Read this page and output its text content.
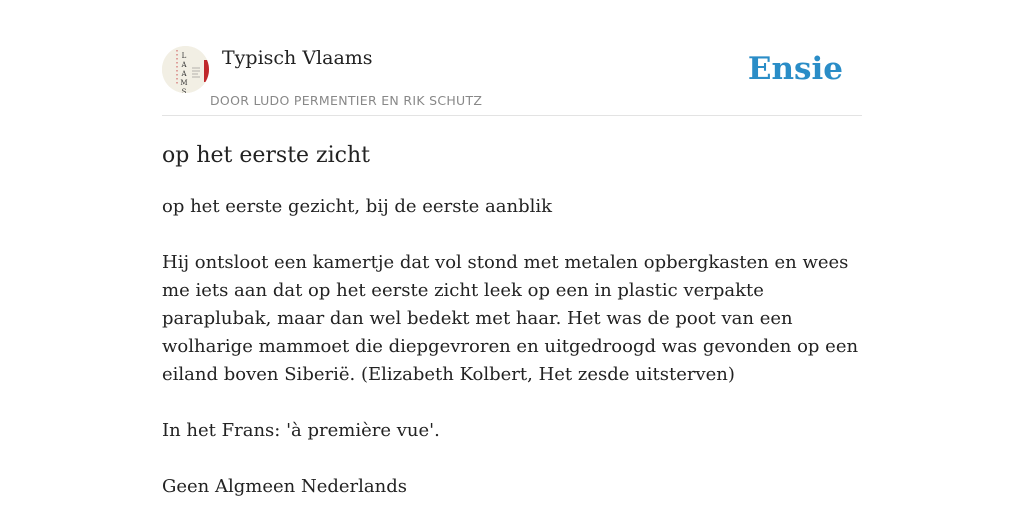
L
A
A
M
S
Typisch Vlaams
DOOR LUDO PERMENTIER EN RIK SCHUTZ
Ensie
op het eerste zicht
op het eerste gezicht, bij de eerste aanblik
Hij ontsloot een kamertje dat vol stond met metalen opbergkasten en wees me iets aan dat op het eerste zicht leek op een in plastic verpakte paraplubak, maar dan wel bedekt met haar. Het was de poot van een wolharige mammoet die diepgevroren en uitgedroogd was gevonden op een eiland boven Siberië. (Elizabeth Kolbert, Het zesde uitsterven)
In het Frans: 'à première vue'.
Geen Algmeen Nederlands
